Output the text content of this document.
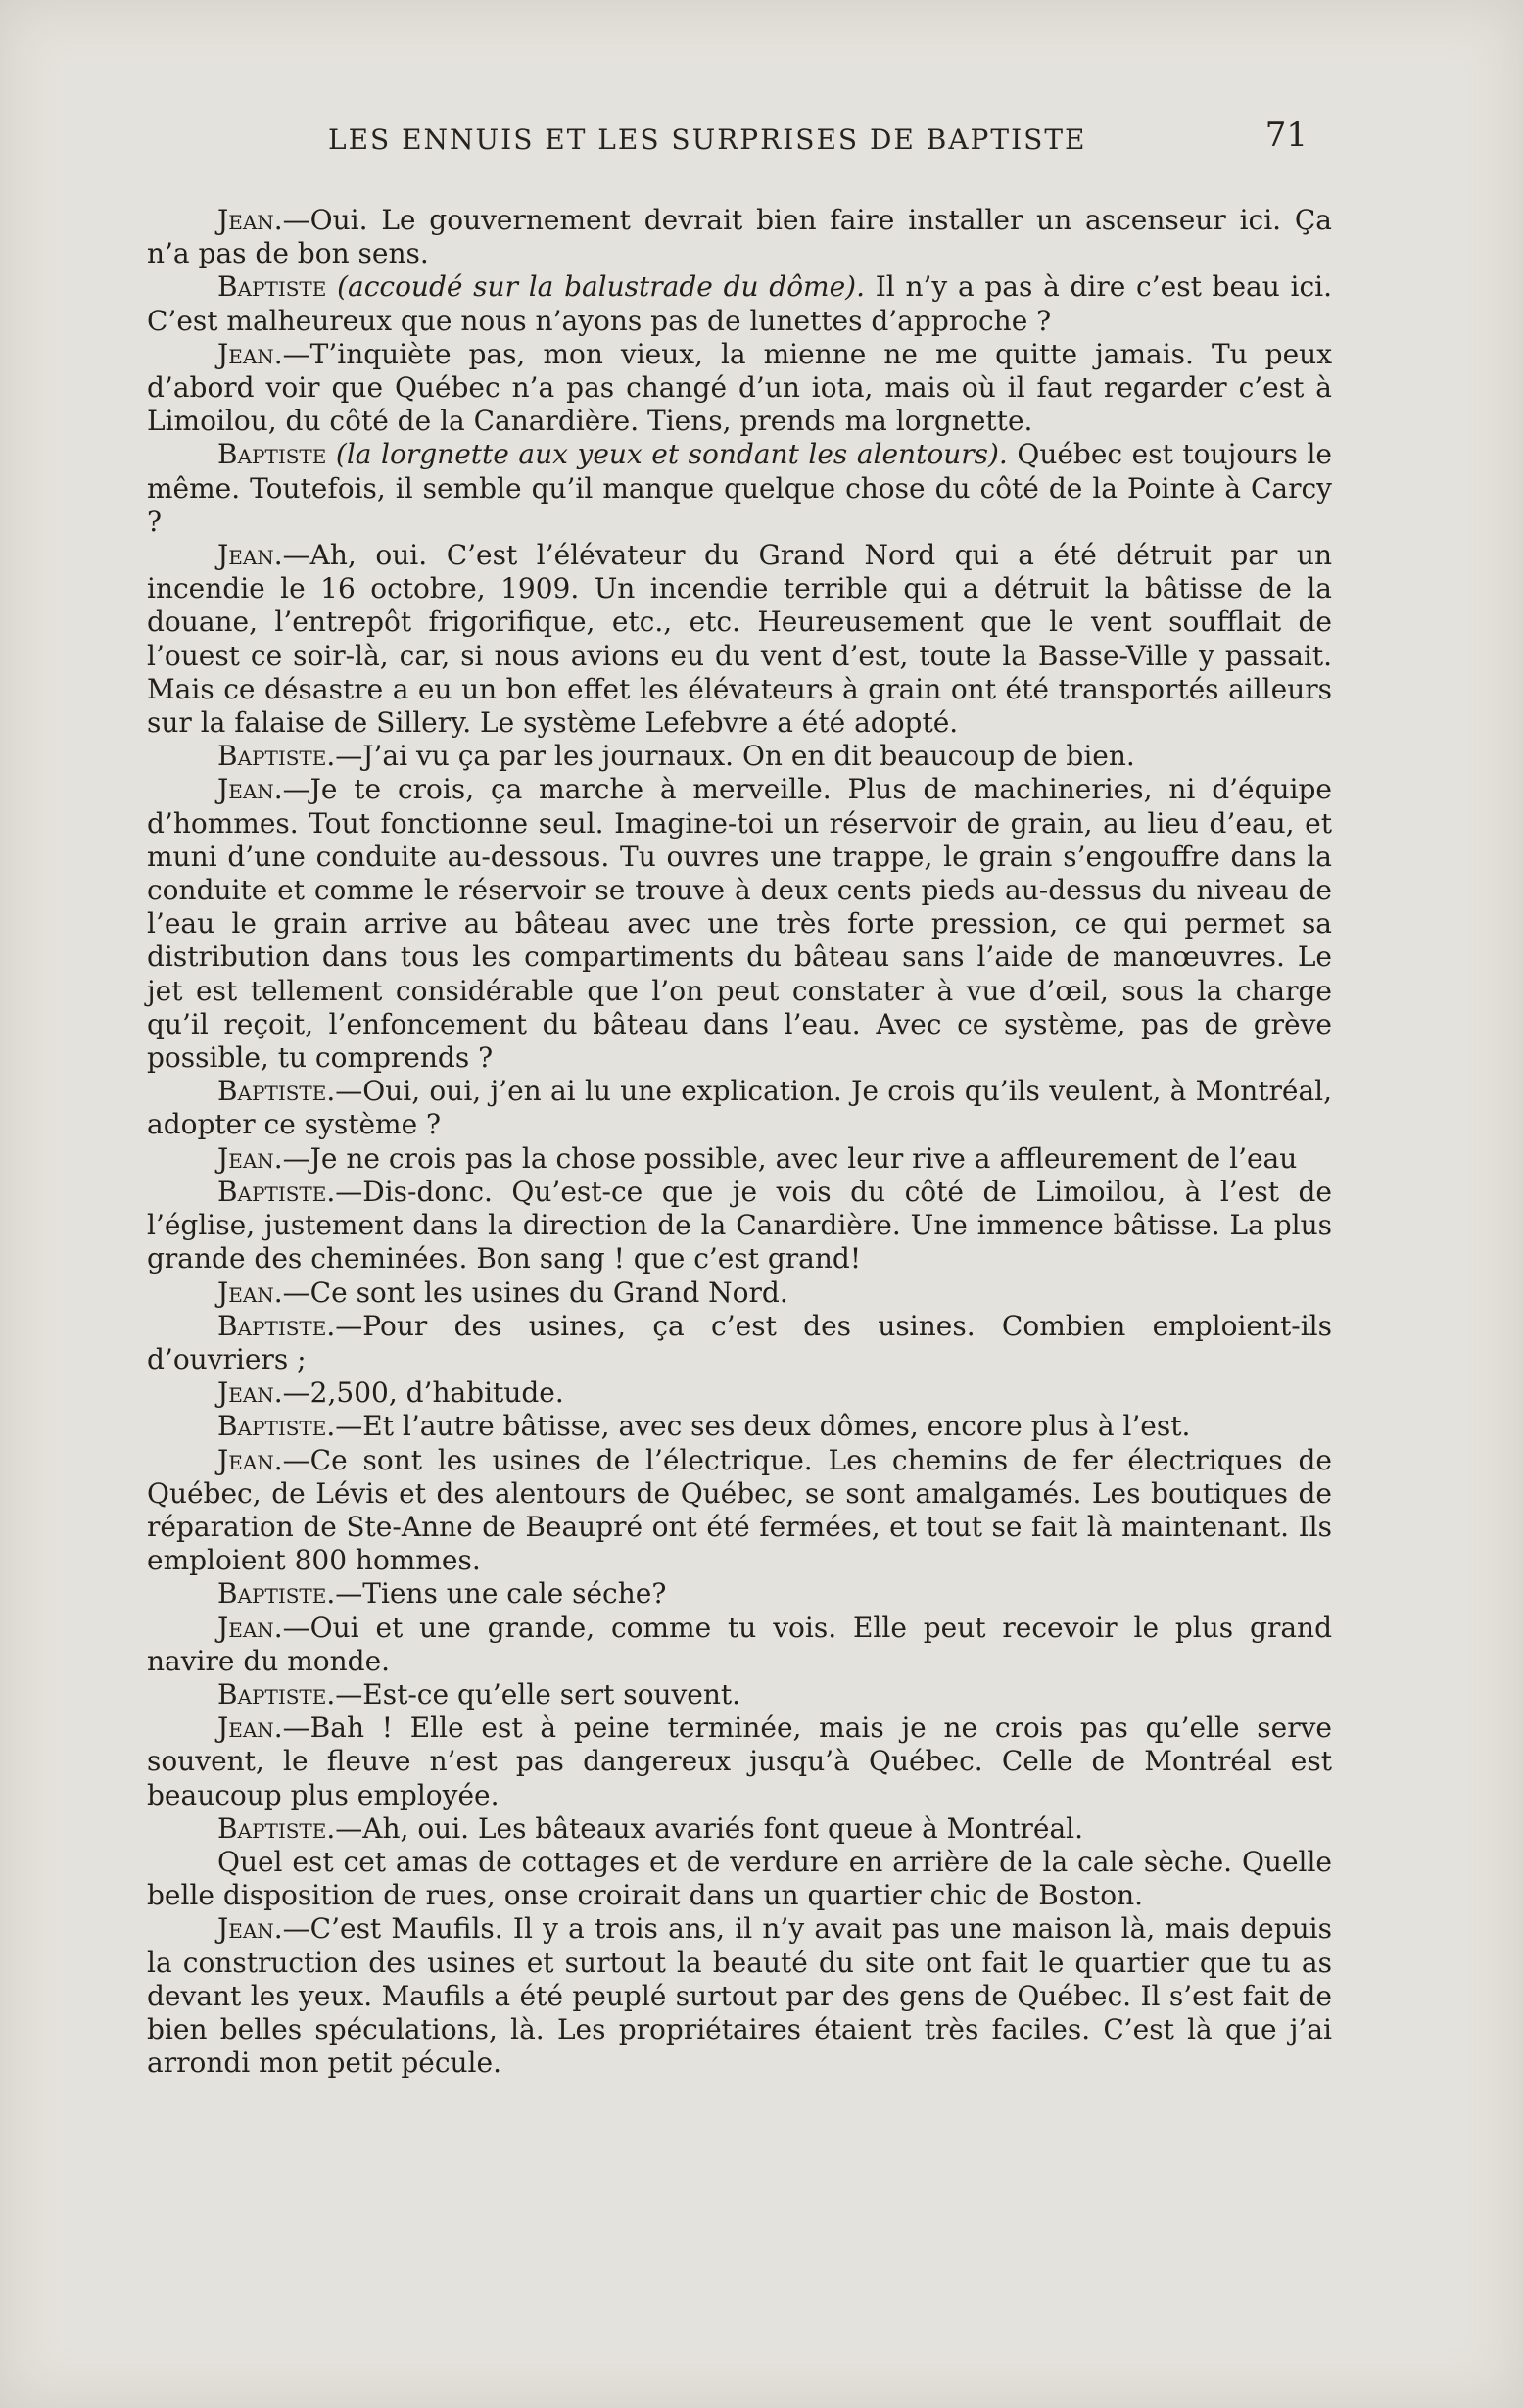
LES ENNUIS ET LES SURPRISES DE BAPTISTE	71

Jean.—Oui. Le gouvernement devrait bien faire installer un ascenseur ici. Ça n’a pas de bon sens.

Baptiste (accoudé sur la balustrade du dôme). Il n’y a pas à dire c’est beau ici. C’est malheureux que nous n’ayons pas de lunettes d’approche ?

Jean.—T’inquiète pas, mon vieux, la mienne ne me quitte jamais. Tu peux d’abord voir que Québec n’a pas changé d’un iota, mais où il faut regarder c’est à Limoilou, du côté de la Canardière. Tiens, prends ma lorgnette.

Baptiste (la lorgnette aux yeux et sondant les alentours). Québec est toujours le même. Toutefois, il semble qu’il manque quelque chose du côté de la Pointe à Carcy ?

Jean.—Ah, oui. C’est l’élévateur du Grand Nord qui a été détruit par un incendie le 16 octobre, 1909. Un incendie terrible qui a détruit la bâtisse de la douane, l’entrepôt frigorifique, etc., etc. Heureusement que le vent soufflait de l’ouest ce soir-là, car, si nous avions eu du vent d’est, toute la Basse-Ville y passait. Mais ce désastre a eu un bon effet les élévateurs à grain ont été transportés ailleurs sur la falaise de Sillery. Le système Lefebvre a été adopté.

Baptiste.—J’ai vu ça par les journaux. On en dit beaucoup de bien.

Jean.—Je te crois, ça marche à merveille. Plus de machineries, ni d’équipe d’hommes. Tout fonctionne seul. Imagine-toi un réservoir de grain, au lieu d’eau, et muni d’une conduite au-dessous. Tu ouvres une trappe, le grain s’engouffre dans la conduite et comme le réservoir se trouve à deux cents pieds au-dessus du niveau de l’eau le grain arrive au bâteau avec une très forte pression, ce qui permet sa distribution dans tous les compartiments du bâteau sans l’aide de manœuvres. Le jet est tellement considérable que l’on peut constater à vue d’œil, sous la charge qu’il reçoit, l’enfoncement du bâteau dans l’eau. Avec ce système, pas de grève possible, tu comprends ?

Baptiste.—Oui, oui, j’en ai lu une explication. Je crois qu’ils veulent, à Montréal, adopter ce système ?

Jean.—Je ne crois pas la chose possible, avec leur rive a affleurement de l’eau

Baptiste.—Dis-donc. Qu’est-ce que je vois du côté de Limoilou, à l’est de l’église, justement dans la direction de la Canardière. Une immence bâtisse. La plus grande des cheminées. Bon sang ! que c’est grand!

Jean.—Ce sont les usines du Grand Nord.

Baptiste.—Pour des usines, ça c’est des usines. Combien emploient-ils d’ouvriers ;

Jean.—2,500, d’habitude.

Baptiste.—Et l’autre bâtisse, avec ses deux dômes, encore plus à l’est.

Jean.—Ce sont les usines de l’électrique. Les chemins de fer électriques de Québec, de Lévis et des alentours de Québec, se sont amalgamés. Les boutiques de réparation de Ste-Anne de Beaupré ont été fermées, et tout se fait là maintenant. Ils emploient 800 hommes.

Baptiste.—Tiens une cale séche?

Jean.—Oui et une grande, comme tu vois. Elle peut recevoir le plus grand navire du monde.

Baptiste.—Est-ce qu’elle sert souvent.

Jean.—Bah ! Elle est à peine terminée, mais je ne crois pas qu’elle serve souvent, le fleuve n’est pas dangereux jusqu’à Québec. Celle de Montréal est beaucoup plus employée.

Baptiste.—Ah, oui. Les bâteaux avariés font queue à Montréal.

Quel est cet amas de cottages et de verdure en arrière de la cale sèche. Quelle belle disposition de rues, onse croirait dans un quartier chic de Boston.

Jean.—C’est Maufils. Il y a trois ans, il n’y avait pas une maison là, mais depuis la construction des usines et surtout la beauté du site ont fait le quartier que tu as devant les yeux. Maufils a été peuplé surtout par des gens de Québec. Il s’est fait de bien belles spéculations, là. Les propriétaires étaient très faciles. C’est là que j’ai arrondi mon petit pécule.
